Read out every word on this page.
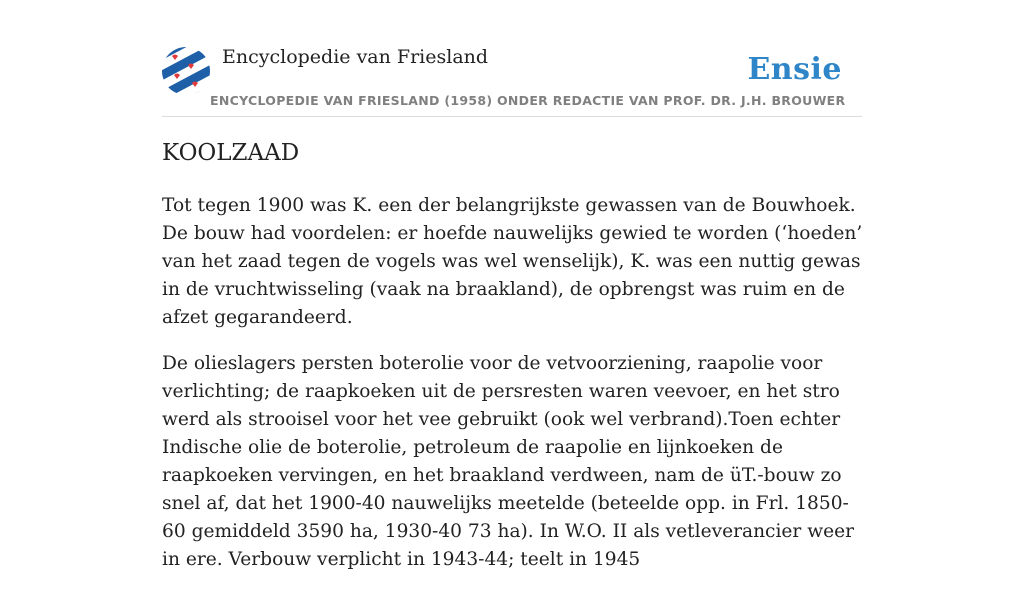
Encyclopedie van Friesland	Ensie
ENCYCLOPEDIE VAN FRIESLAND (1958) ONDER REDACTIE VAN PROF. DR. J.H. BROUWER
KOOLZAAD

Tot tegen 1900 was K. een der belangrijkste gewassen van de Bouwhoek. De bouw had voordelen: er hoefde nauwelijks gewied te worden (‘hoeden’ van het zaad tegen de vogels was wel wenselijk), K. was een nuttig gewas in de vruchtwisseling (vaak na braakland), de opbrengst was ruim en de afzet gegarandeerd.

De olieslagers persten boterolie voor de vetvoorziening, raapolie voor verlichting; de raapkoeken uit de persresten waren veevoer, en het stro werd als strooisel voor het vee gebruikt (ook wel verbrand).Toen echter Indische olie de boterolie, petroleum de raapolie en lijnkoeken de raapkoeken vervingen, en het braakland verdween, nam de üT.-bouw zo snel af, dat het 1900-40 nauwelijks meetelde (beteelde opp. in Frl. 1850-60 gemiddeld 3590 ha, 1930-40 73 ha). In W.O. II als vetleverancier weer in ere. Verbouw verplicht in 1943-44; teelt in 1945
